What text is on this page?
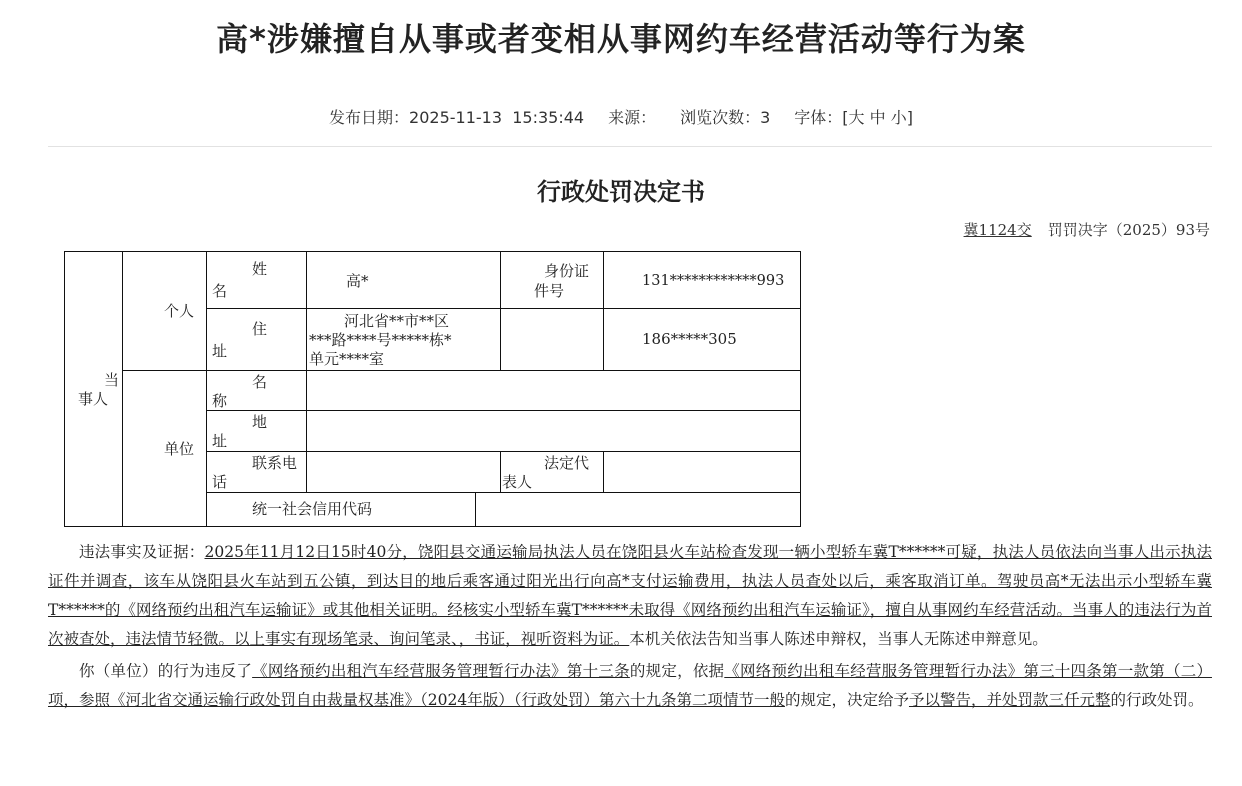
高*涉嫌擅自从事或者变相从事网约车经营活动等行为案
发布日期：2025-11-13  15:35:44 来源： 浏览次数：3 字体：[大 中 小]
行政处罚决定书
冀1124交 罚罚决字（2025）93号
当
事人
个人
单位
姓
名
高*
身份证
件号
131************993
住
址
河北省**市**区
***路****号*****栋*
单元****室
186*****305
名
称
地
址
联系电
话
法定代
表人
统一社会信用代码

违法事实及证据：2025年11月12日15时40分，饶阳县交通运输局执法人员在饶阳县火车站检查发现一辆小型轿车冀T******可疑，执法人员依法向当事人出示执法证件并调查，该车从饶阳县火车站到五公镇，到达目的地后乘客通过阳光出行向高*支付运输费用，执法人员查处以后，乘客取消订单。驾驶员高*无法出示小型轿车冀T******的《网络预约出租汽车运输证》或其他相关证明。经核实小型轿车冀T******未取得《网络预约出租汽车运输证》，擅自从事网约车经营活动。当事人的违法行为首次被查处，违法情节轻微。以上事实有现场笔录、询问笔录、，书证，视听资料为证。本机关依法告知当事人陈述申辩权，当事人无陈述申辩意见。

你（单位）的行为违反了《网络预约出租汽车经营服务管理暂行办法》第十三条的规定，依据《网络预约出租车经营服务管理暂行办法》第三十四条第一款第（二）项，参照《河北省交通运输行政处罚自由裁量权基准》（2024年版）（行政处罚）第六十九条第二项情节一般的规定，决定给予予以警告，并处罚款三仟元整的行政处罚。
